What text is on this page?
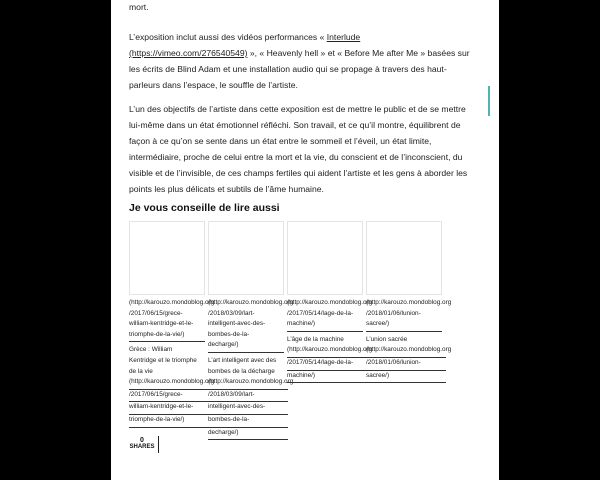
mort.
L’exposition inclut aussi des vidéos performances « Interlude (https://vimeo.com/276540549) », « Heavenly hell » et « Before Me after Me » basées sur les écrits de Blind Adam et une installation audio qui se propage à travers des haut-parleurs dans l’espace, le souffle de l’artiste.
L’un des objectifs de l’artiste dans cette exposition est de mettre le public et de se mettre lui-même dans un état émotionnel réfléchi. Son travail, et ce qu’il montre, équilibrent de façon à ce qu’on se sente dans un état entre le sommeil et l’éveil, un état limite, intermédiaire, proche de celui entre la mort et la vie, du conscient et de l’inconscient, du visible et de l’invisible, de ces champs fertiles qui aident l’artiste et les gens à aborder les points les plus délicats et subtils de l’âme humaine.
Je vous conseille de lire aussi
(http://karouzo.mondoblog.org
/2017/06/15/grece-
william-kentridge-et-le-
triomphe-de-la-vie/)
Grèce : William
Kentridge et le triomphe
de la vie
(http://karouzo.mondoblog.org
/2017/06/15/grece-
william-kentridge-et-le-
triomphe-de-la-vie/)
(http://karouzo.mondoblog.org
/2018/03/09/lart-
intelligent-avec-des-
bombes-de-la-
decharge/)
L’art intelligent avec des
bombes de la décharge
(http://karouzo.mondoblog.org
/2018/03/09/lart-
intelligent-avec-des-
bombes-de-la-
decharge/)
(http://karouzo.mondoblog.org
/2017/05/14/lage-de-la-
machine/)
L’âge de la machine
(http://karouzo.mondoblog.org
/2017/05/14/lage-de-la-
machine/)
(http://karouzo.mondoblog.org
/2018/01/06/lunion-
sacree/)
L’union sacrée
(http://karouzo.mondoblog.org
/2018/01/06/lunion-
sacree/)
0
SHARES
